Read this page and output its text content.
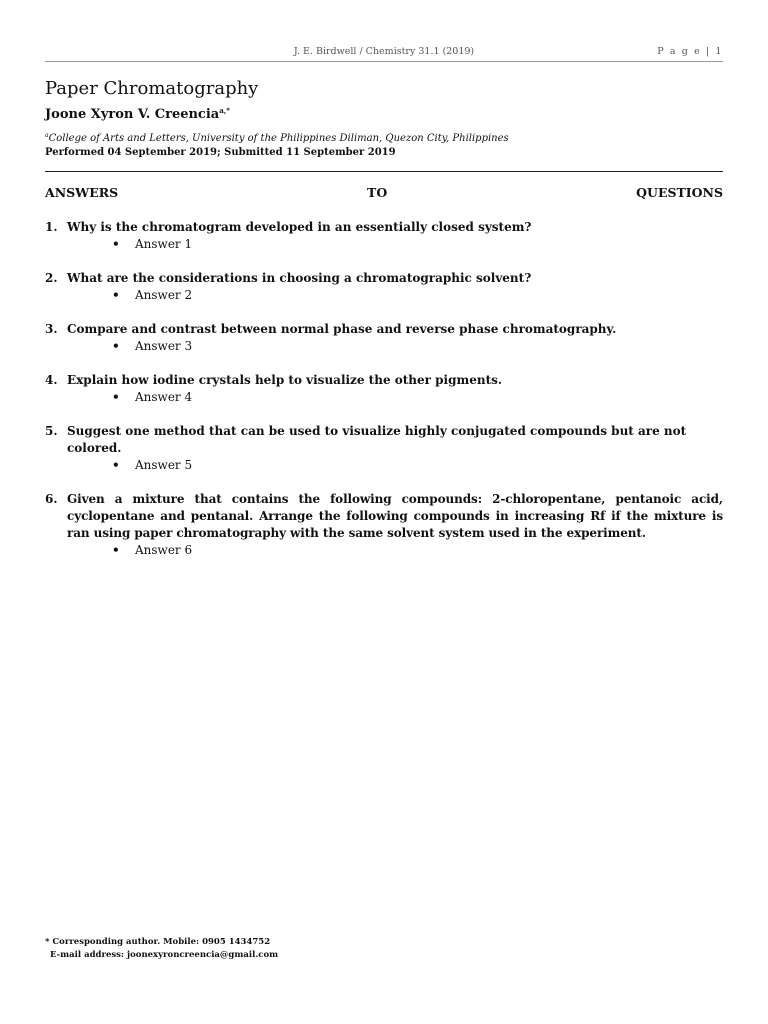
J. E. Birdwell / Chemistry 31.1 (2019)	P a g e | 1
Paper Chromatography
Joone Xyron V. Creencia$^{a,*}$
$^a$College of Arts and Letters, University of the Philippines Diliman, Quezon City, Philippines
Performed 04 September 2019; Submitted 11 September 2019
ANSWERS	TO	QUESTIONS
1. Why is the chromatogram developed in an essentially closed system?
• Answer 1
2. What are the considerations in choosing a chromatographic solvent?
• Answer 2
3. Compare and contrast between normal phase and reverse phase chromatography.
• Answer 3
4. Explain how iodine crystals help to visualize the other pigments.
• Answer 4
5. Suggest one method that can be used to visualize highly conjugated compounds but are not colored.
• Answer 5
6. Given a mixture that contains the following compounds: 2-chloropentane, pentanoic acid, cyclopentane and pentanal. Arrange the following compounds in increasing Rf if the mixture is ran using paper chromatography with the same solvent system used in the experiment.
• Answer 6
* Corresponding author. Mobile: 0905 1434752
E-mail address: joonexyroncreencia@gmail.com
